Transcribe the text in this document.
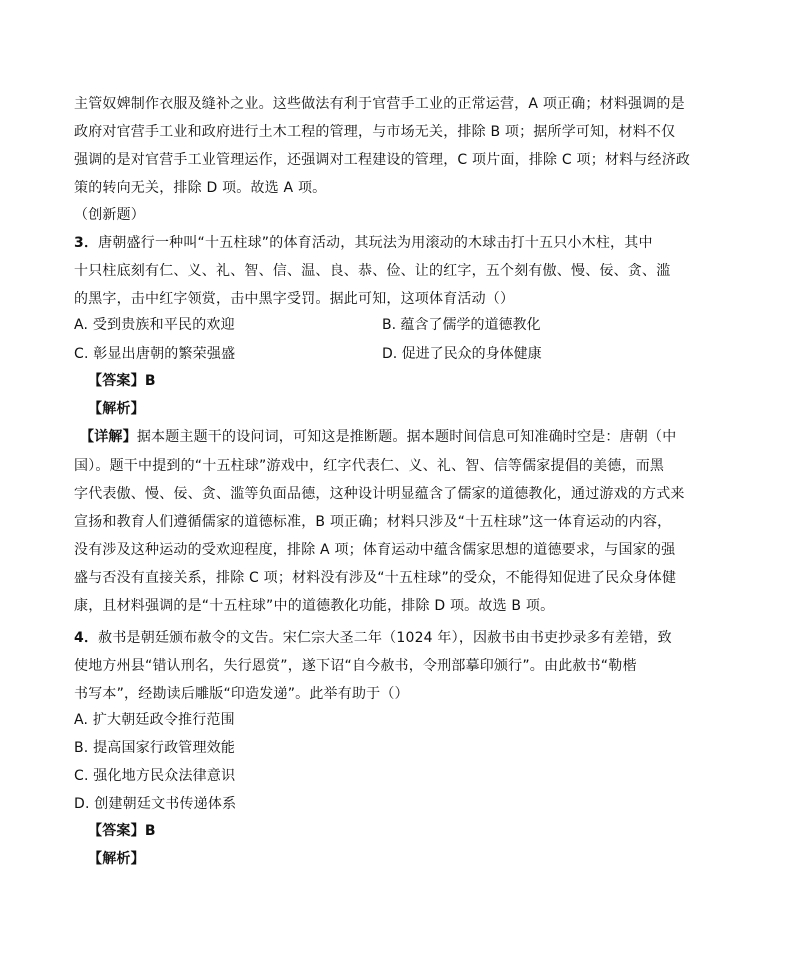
主管奴婢制作衣服及缝补之业。这些做法有利于官营手工业的正常运营，A 项正确；材料强调的是
政府对官营手工业和政府进行土木工程的管理，与市场无关，排除 B 项；据所学可知，材料不仅
强调的是对官营手工业管理运作，还强调对工程建设的管理，C 项片面，排除 C 项；材料与经济政
策的转向无关，排除 D 项。故选 A 项。
（创新题）
3．唐朝盛行一种叫“十五柱球”的体育活动，其玩法为用滚动的木球击打十五只小木柱，其中
十只柱底刻有仁、义、礼、智、信、温、良、恭、俭、让的红字，五个刻有傲、慢、佞、贪、滥
的黑字，击中红字领赏，击中黑字受罚。据此可知，这项体育活动（）
A. 受到贵族和平民的欢迎	B. 蕴含了儒学的道德教化
C. 彰显出唐朝的繁荣强盛	D. 促进了民众的身体健康
【答案】B
【解析】
【详解】据本题主题干的设问词，可知这是推断题。据本题时间信息可知准确时空是：唐朝（中
国）。题干中提到的“十五柱球”游戏中，红字代表仁、义、礼、智、信等儒家提倡的美德，而黑
字代表傲、慢、佞、贪、滥等负面品德，这种设计明显蕴含了儒家的道德教化，通过游戏的方式来
宣扬和教育人们遵循儒家的道德标准，B 项正确；材料只涉及“十五柱球”这一体育运动的内容，
没有涉及这种运动的受欢迎程度，排除 A 项；体育运动中蕴含儒家思想的道德要求，与国家的强
盛与否没有直接关系，排除 C 项；材料没有涉及“十五柱球”的受众，不能得知促进了民众身体健
康，且材料强调的是“十五柱球”中的道德教化功能，排除 D 项。故选 B 项。
4．赦书是朝廷颁布赦令的文告。宋仁宗大圣二年（1024 年），因赦书由书吏抄录多有差错，致
使地方州县“错认刑名，失行恩赏”，遂下诏“自今赦书，令刑部摹印颁行”。由此赦书“勒楷
书写本”，经勘读后雕版“印造发递”。此举有助于（）
A. 扩大朝廷政令推行范围
B. 提高国家行政管理效能
C. 强化地方民众法律意识
D. 创建朝廷文书传递体系
【答案】B
【解析】
